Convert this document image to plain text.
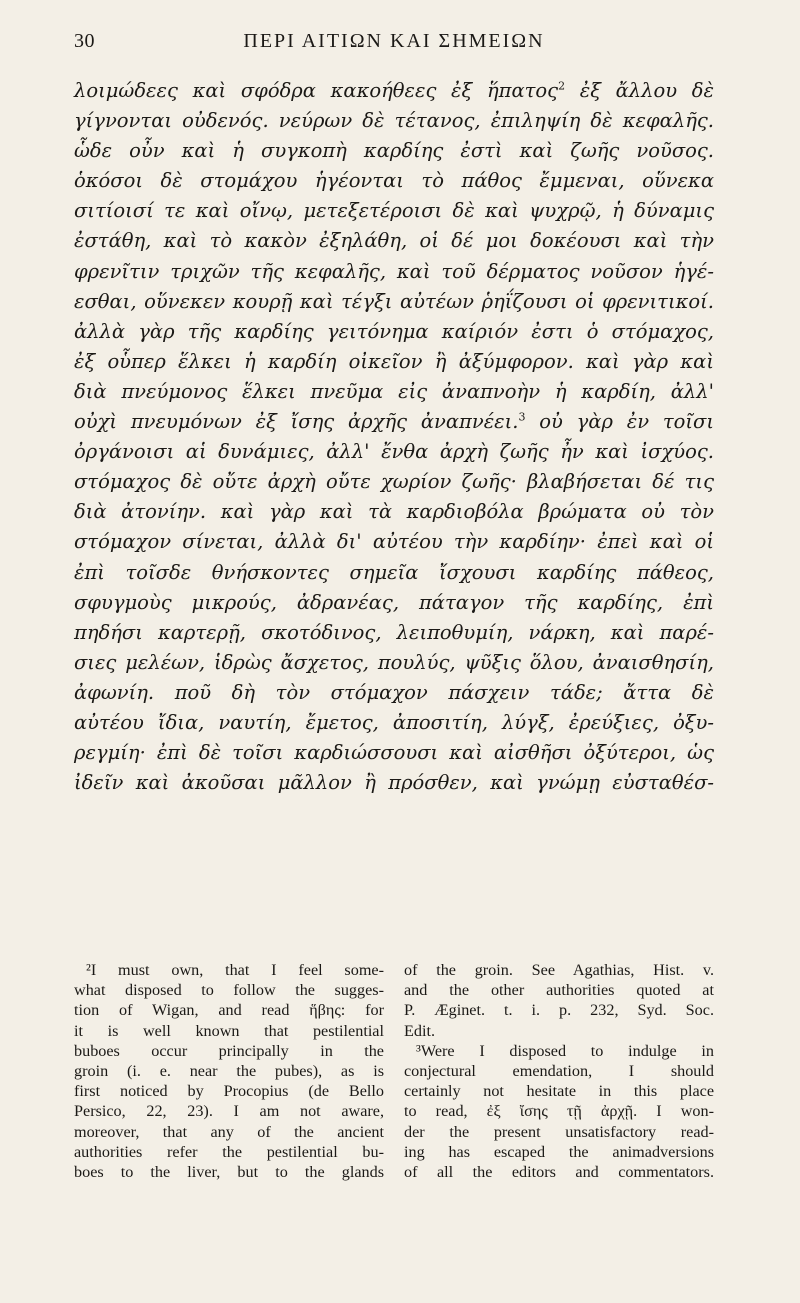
30	ΠΕΡΙ ΑΙΤΙΩΝ ΚΑΙ ΣΗΜΕΙΩΝ
λοιμώδεες καὶ σφόδρα κακοήθεες ἐξ ἥπατος$^2$ ἐξ ἄλλου δὲ
γίγνονται οὐδενός. νεύρων δὲ τέτανος, ἐπιληψίη δὲ κεφαλῆς.
ὧδε οὖν καὶ ἡ συγκοπὴ καρδίης ἐστὶ καὶ ζωῆς νοῦσος.
ὁκόσοι δὲ στομάχου ἡγέονται τὸ πάθος ἔμμεναι, οὕνεκα
σιτίοισί τε καὶ οἴνῳ, μετεξετέροισι δὲ καὶ ψυχρῷ, ἡ δύναμις
ἐστάθη, καὶ τὸ κακὸν ἐξηλάθη, οἱ δέ μοι δοκέουσι καὶ τὴν
φρενῖτιν τριχῶν τῆς κεφαλῆς, καὶ τοῦ δέρματος νοῦσον ἡγέ-
εσθαι, οὕνεκεν κουρῇ καὶ τέγξι αὐτέων ῥηΐζουσι οἱ φρενιτικοί.
ἀλλὰ γὰρ τῆς καρδίης γειτόνημα καίριόν ἐστι ὁ στόμαχος,
ἐξ οὗπερ ἕλκει ἡ καρδίη οἰκεῖον ἢ ἀξύμφορον. καὶ γὰρ καὶ
διὰ πνεύμονος ἕλκει πνεῦμα εἰς ἀναπνοὴν ἡ καρδίη, ἀλλ'
οὐχὶ πνευμόνων ἐξ ἴσης ἀρχῆς ἀναπνέει.$^3$ οὐ γὰρ ἐν τοῖσι
ὀργάνοισι αἱ δυνάμιες, ἀλλ' ἔνθα ἀρχὴ ζωῆς ἦν καὶ ἰσχύος.
στόμαχος δὲ οὔτε ἀρχὴ οὔτε χωρίον ζωῆς· βλαβήσεται δέ τις
διὰ ἀτονίην. καὶ γὰρ καὶ τὰ καρδιοβόλα βρώματα οὐ τὸν
στόμαχον σίνεται, ἀλλὰ δι' αὐτέου τὴν καρδίην· ἐπεὶ καὶ οἱ
ἐπὶ τοῖσδε θνήσκοντες σημεῖα ἴσχουσι καρδίης πάθεος,
σφυγμοὺς μικρούς, ἀδρανέας, πάταγον τῆς καρδίης, ἐπὶ
πηδήσι καρτερῇ, σκοτόδινος, λειποθυμίη, νάρκη, καὶ παρέ-
σιες μελέων, ἱδρὼς ἄσχετος, πουλύς, ψῦξις ὅλου, ἀναισθησίη,
ἀφωνίη. ποῦ δὴ τὸν στόμαχον πάσχειν τάδε; ἄττα δὲ
αὐτέου ἴδια, ναυτίη, ἔμετος, ἀποσιτίη, λύγξ, ἐρεύξιες, ὀξυ-
ρεγμίη· ἐπὶ δὲ τοῖσι καρδιώσσουσι καὶ αἰσθῆσι ὀξύτεροι, ὡς
ἰδεῖν καὶ ἀκοῦσαι μᾶλλον ἢ πρόσθεν, καὶ γνώμῃ εὐσταθέσ-
²I must own, that I feel some-
what disposed to follow the sugges-
tion of Wigan, and read ἥβης: for
it is well known that pestilential
buboes occur principally in the
groin (i. e. near the pubes), as is
first noticed by Procopius (de Bello
Persico, 22, 23). I am not aware,
moreover, that any of the ancient
authorities refer the pestilential bu-
boes to the liver, but to the glands
of the groin. See Agathias, Hist. v.
and the other authorities quoted at
P. Æginet. t. i. p. 232, Syd. Soc.
Edit.
³Were I disposed to indulge in
conjectural emendation, I should
certainly not hesitate in this place
to read, ἐξ ἴσης τῇ ἀρχῇ. I won-
der the present unsatisfactory read-
ing has escaped the animadversions
of all the editors and commentators.
